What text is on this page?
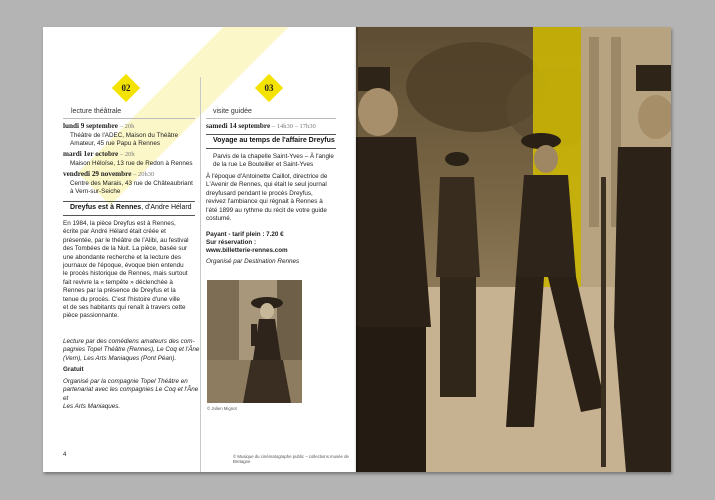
02
lecture théâtrale
lundi 9 septembre – 20h
Théâtre de l'ADEC, Maison du Théâtre Amateur, 45 rue Papu à Rennes
mardi 1er octobre – 20h
Maison Héloïse, 13 rue de Redon à Rennes
vendredi 29 novembre – 20h30
Centre des Marais, 43 rue de Châteaubriant à Vern-sur-Seiche
Dreyfus est à Rennes, d'Andre Hélard
En 1984, la pièce Dreyfus est à Rennes,
écrite par André Hélard était créée et
présentée, par le théâtre de l'Alibi, au festival
des Tombées de la Nuit. La pièce, basée sur
une abondante recherche et la lecture des
journaux de l'époque, évoque bien entendu
le procès historique de Rennes, mais surtout
fait revivre la « tempête » déclenchée à
Rennes par la présence de Dreyfus et la
tenue du procès. C'est l'histoire d'une ville
et de ses habitants qui renaît à travers cette
pièce passionnante.
Lecture par des comédiens amateurs des com-
pagnies Topel Théâtre (Rennes), Le Coq et l'Âne
(Vern), Les Arts Maniaques (Pont Péan).
Gratuit
Organisé par la compagnie Topel Théâtre en
partenariat avec les compagnies Le Coq et l'Âne et
Les Arts Maniaques.
03
visite guidée
samedi 14 septembre – 14h30 – 17h30
Voyage au temps de l'affaire Dreyfus
Parvis de la chapelle Saint-Yves – À l'angle
de la rue Le Bouteiller et Saint-Yves
À l'époque d'Antoinette Caillot, directrice de
L'Avenir de Rennes, qui était le seul journal
dreyfusard pendant le procès Dreyfus,
revivez l'ambiance qui régnait à Rennes à
l'été 1899 au rythme du récit de votre guide
costumé.
Payant - tarif plein : 7.20 €
Sur réservation :
www.billetterie-rennes.com
Organisé par Destination Rennes
© Julien Mignot
4	© Musique du cinématographe public – collections musée de Bretagne
